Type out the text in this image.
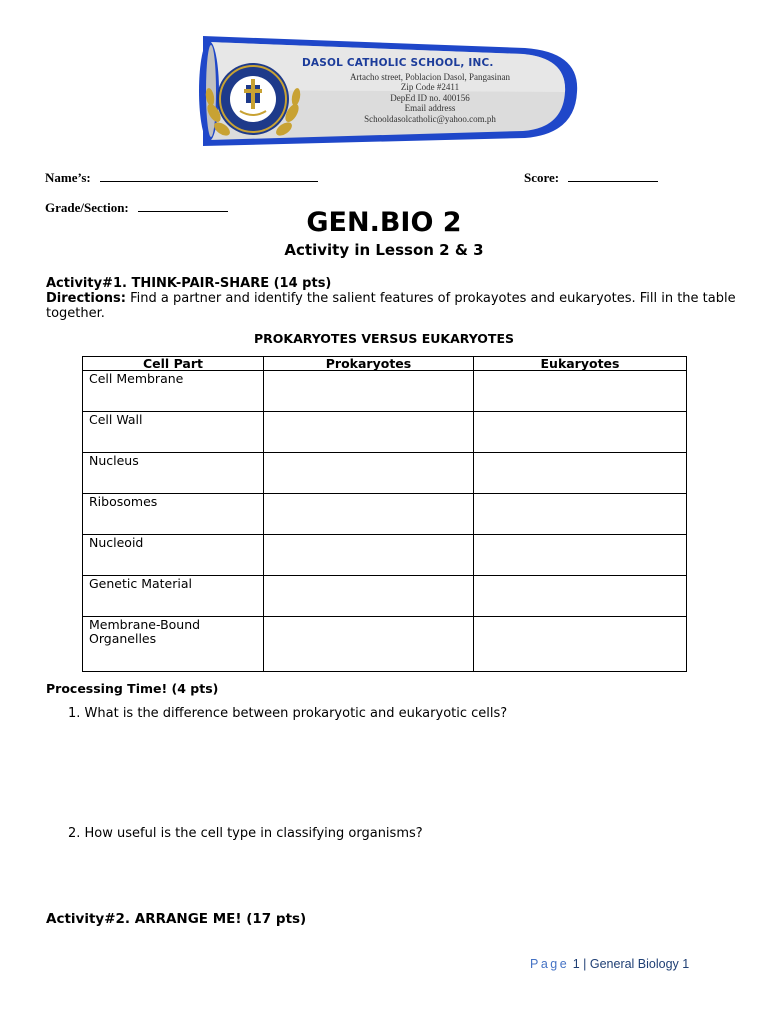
DASOL CATHOLIC SCHOOL, INC.
Artacho street, Poblacion Dasol, Pangasinan
Zip Code #2411
DepEd ID no. 400156
Email address
Schooldasolcatholic@yahoo.com.ph
Name’s:	Score:
Grade/Section:	GEN.BIO 2
Activity in Lesson 2 & 3
Activity#1. THINK-PAIR-SHARE (14 pts)
Directions: Find a partner and identify the salient features of prokayotes and eukaryotes. Fill in the table together.
PROKARYOTES VERSUS EUKARYOTES
Cell Part	Prokaryotes	Eukaryotes
Cell Membrane		
Cell Wall		
Nucleus		
Ribosomes		
Nucleoid		
Genetic Material		
Membrane-Bound Organelles		
Processing Time! (4 pts)
1. What is the difference between prokaryotic and eukaryotic cells?
2. How useful is the cell type in classifying organisms?
Activity#2. ARRANGE ME! (17 pts)
Page 1 | General Biology 1
